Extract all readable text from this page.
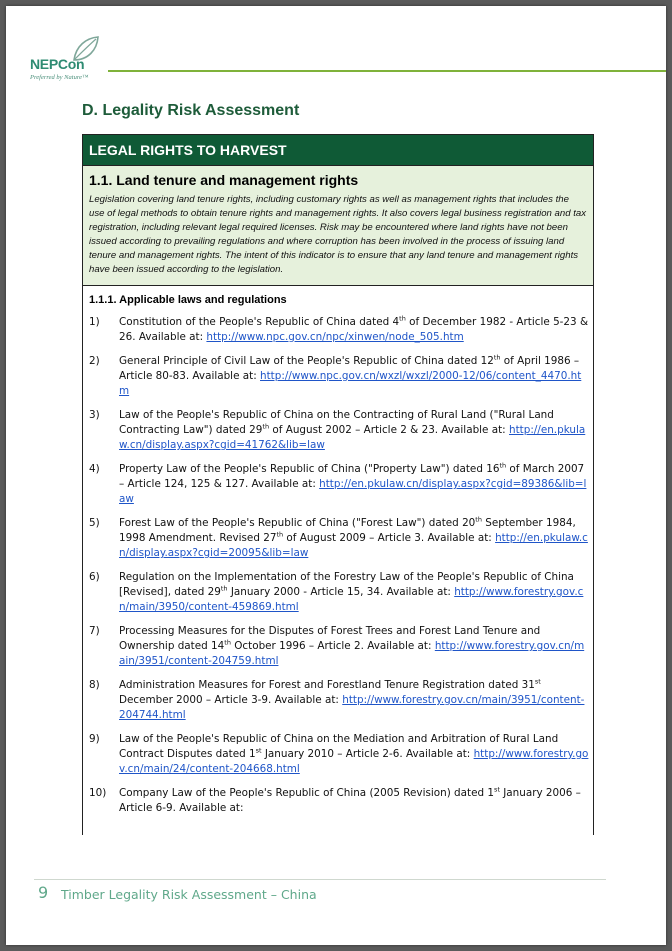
NEPCon
Preferred by Nature™
D. Legality Risk Assessment
LEGAL RIGHTS TO HARVEST
1.1. Land tenure and management rights
Legislation covering land tenure rights, including customary rights as well as management rights that includes the use of legal methods to obtain tenure rights and management rights. It also covers legal business registration and tax registration, including relevant legal required licenses. Risk may be encountered where land rights have not been issued according to prevailing regulations and where corruption has been involved in the process of issuing land tenure and management rights. The intent of this indicator is to ensure that any land tenure and management rights have been issued according to the legislation.
1.1.1. Applicable laws and regulations
1) Constitution of the People's Republic of China dated 4th of December 1982 - Article 5-23 & 26. Available at: http://www.npc.gov.cn/npc/xinwen/node_505.htm
2) General Principle of Civil Law of the People's Republic of China dated 12th of April 1986 – Article 80-83. Available at: http://www.npc.gov.cn/wxzl/wxzl/2000-12/06/content_4470.htm
3) Law of the People's Republic of China on the Contracting of Rural Land ("Rural Land Contracting Law") dated 29th of August 2002 – Article 2 & 23. Available at: http://en.pkulaw.cn/display.aspx?cgid=41762&lib=law
4) Property Law of the People's Republic of China ("Property Law") dated 16th of March 2007 – Article 124, 125 & 127. Available at: http://en.pkulaw.cn/display.aspx?cgid=89386&lib=law
5) Forest Law of the People's Republic of China ("Forest Law") dated 20th September 1984, 1998 Amendment. Revised 27th of August 2009 – Article 3. Available at: http://en.pkulaw.cn/display.aspx?cgid=20095&lib=law
6) Regulation on the Implementation of the Forestry Law of the People's Republic of China [Revised], dated 29th January 2000 - Article 15, 34. Available at: http://www.forestry.gov.cn/main/3950/content-459869.html
7) Processing Measures for the Disputes of Forest Trees and Forest Land Tenure and Ownership dated 14th October 1996 – Article 2. Available at: http://www.forestry.gov.cn/main/3951/content-204759.html
8) Administration Measures for Forest and Forestland Tenure Registration dated 31st December 2000 – Article 3-9. Available at: http://www.forestry.gov.cn/main/3951/content-204744.html
9) Law of the People's Republic of China on the Mediation and Arbitration of Rural Land Contract Disputes dated 1st January 2010 – Article 2-6. Available at: http://www.forestry.gov.cn/main/24/content-204668.html
10) Company Law of the People's Republic of China (2005 Revision) dated 1st January 2006 – Article 6-9. Available at:
9 Timber Legality Risk Assessment – China
